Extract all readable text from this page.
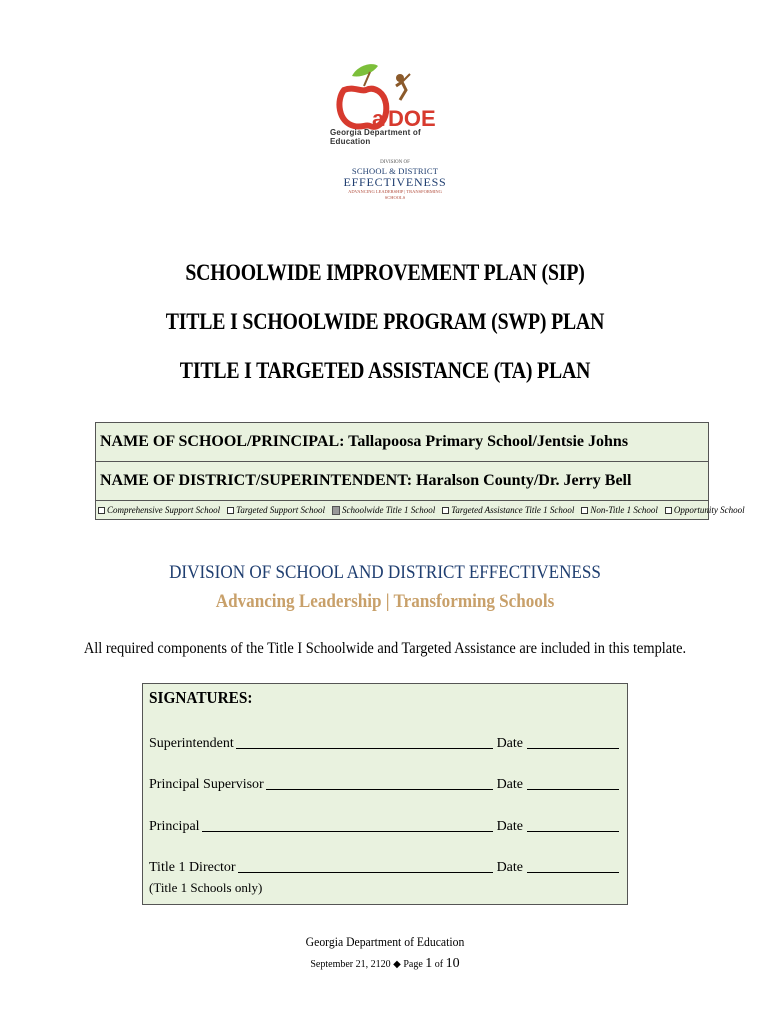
a DOE
Georgia Department of Education
DIVISION OF
SCHOOL & DISTRICT
EFFECTIVENESS
ADVANCING LEADERSHIP | TRANSFORMING SCHOOLS
SCHOOLWIDE IMPROVEMENT PLAN (SIP)
TITLE I SCHOOLWIDE PROGRAM (SWP) PLAN
TITLE I TARGETED ASSISTANCE (TA) PLAN
NAME OF SCHOOL/PRINCIPAL: Tallapoosa Primary School/Jentsie Johns
NAME OF DISTRICT/SUPERINTENDENT: Haralson County/Dr. Jerry Bell
Comprehensive Support School Targeted Support School Schoolwide Title 1 School Targeted Assistance Title 1 School Non-Title 1 School Opportunity School
DIVISION OF SCHOOL AND DISTRICT EFFECTIVENESS
Advancing Leadership | Transforming Schools
All required components of the Title I Schoolwide and Targeted Assistance are included in this template.
SIGNATURES:
Superintendent	Date
Principal Supervisor	Date
Principal	Date
Title 1 Director	Date
(Title 1 Schools only)
Georgia Department of Education
September 21, 2120 ◆ Page 1 of 10
